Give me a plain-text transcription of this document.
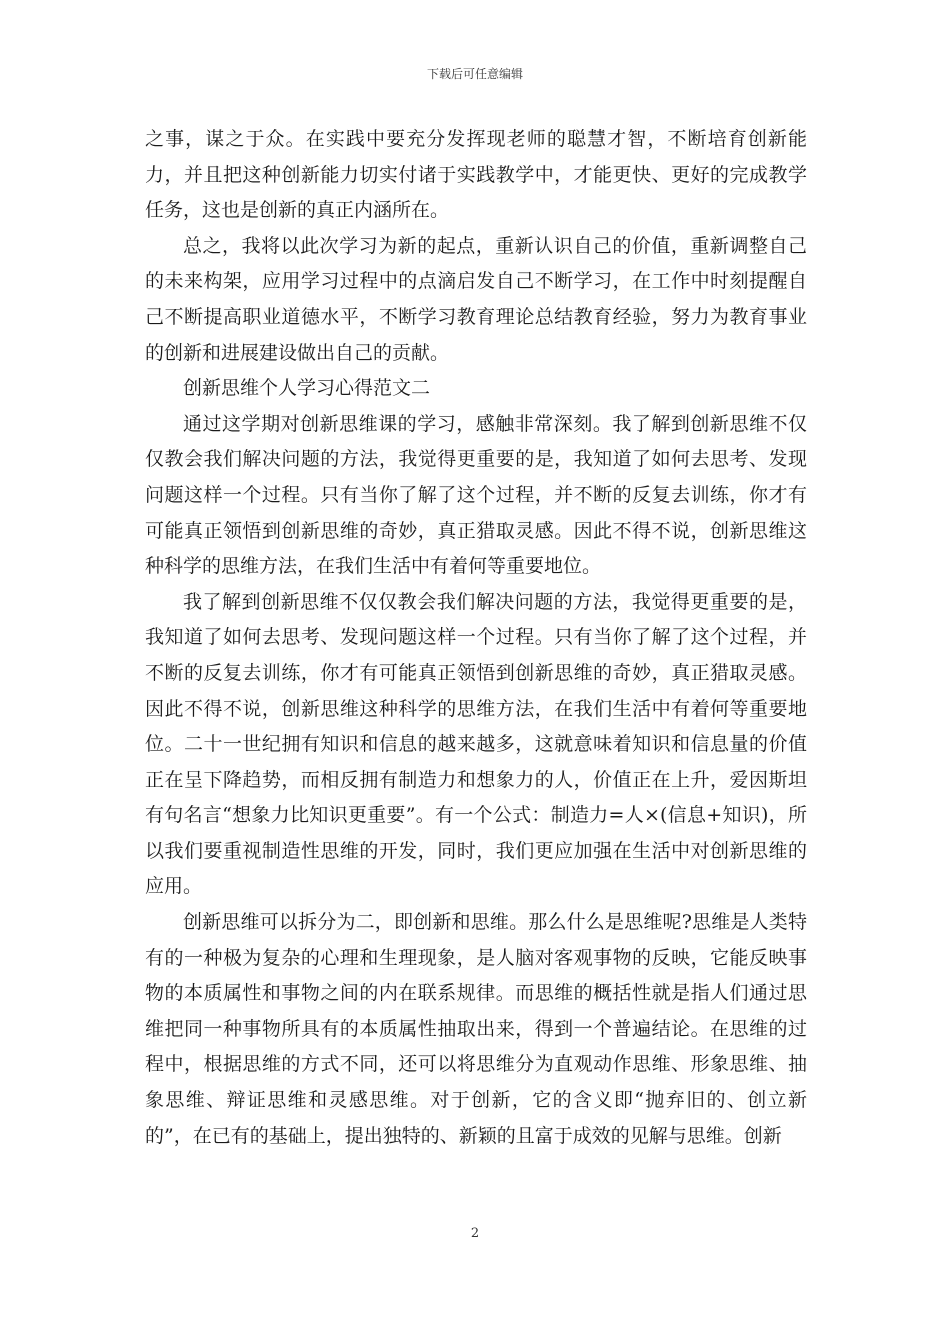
下载后可任意编辑

之事，谋之于众。在实践中要充分发挥现老师的聪慧才智，不断培育创新能力，并且把这种创新能力切实付诸于实践教学中，才能更快、更好的完成教学任务，这也是创新的真正内涵所在。

总之，我将以此次学习为新的起点，重新认识自己的价值，重新调整自己的未来构架，应用学习过程中的点滴启发自己不断学习，在工作中时刻提醒自己不断提高职业道德水平，不断学习教育理论总结教育经验，努力为教育事业的创新和进展建设做出自己的贡献。

创新思维个人学习心得范文二

通过这学期对创新思维课的学习，感触非常深刻。我了解到创新思维不仅仅教会我们解决问题的方法，我觉得更重要的是，我知道了如何去思考、发现问题这样一个过程。只有当你了解了这个过程，并不断的反复去训练，你才有可能真正领悟到创新思维的奇妙，真正猎取灵感。因此不得不说，创新思维这种科学的思维方法，在我们生活中有着何等重要地位。

我了解到创新思维不仅仅教会我们解决问题的方法，我觉得更重要的是，我知道了如何去思考、发现问题这样一个过程。只有当你了解了这个过程，并不断的反复去训练，你才有可能真正领悟到创新思维的奇妙，真正猎取灵感。因此不得不说，创新思维这种科学的思维方法，在我们生活中有着何等重要地位。二十一世纪拥有知识和信息的越来越多，这就意味着知识和信息量的价值正在呈下降趋势，而相反拥有制造力和想象力的人，价值正在上升，爱因斯坦有句名言“想象力比知识更重要”。有一个公式：制造力=人×(信息+知识)，所以我们要重视制造性思维的开发，同时，我们更应加强在生活中对创新思维的应用。

创新思维可以拆分为二，即创新和思维。那么什么是思维呢?思维是人类特有的一种极为复杂的心理和生理现象，是人脑对客观事物的反映，它能反映事物的本质属性和事物之间的内在联系规律。而思维的概括性就是指人们通过思维把同一种事物所具有的本质属性抽取出来，得到一个普遍结论。在思维的过程中，根据思维的方式不同，还可以将思维分为直观动作思维、形象思维、抽象思维、辩证思维和灵感思维。对于创新，它的含义即“抛弃旧的、创立新的”，在已有的基础上，提出独特的、新颖的且富于成效的见解与思维。创新

2
